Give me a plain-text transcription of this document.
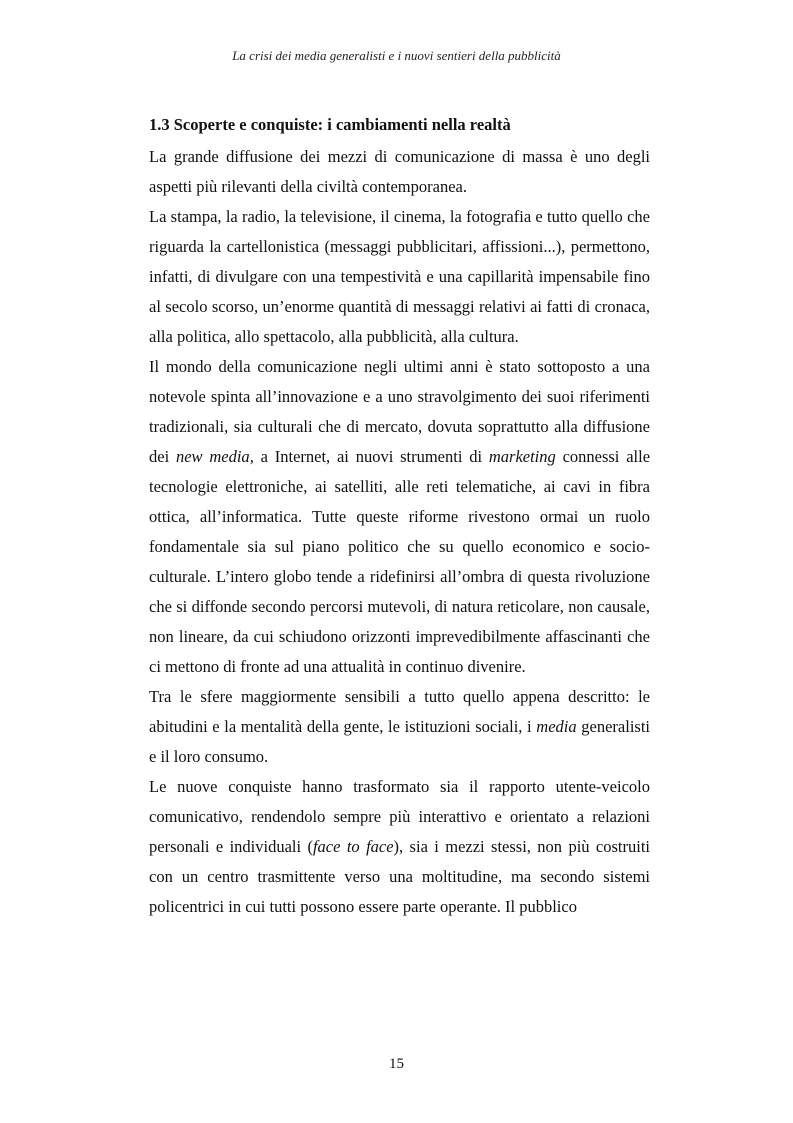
La crisi dei media generalisti e i nuovi sentieri della pubblicità
1.3 Scoperte e conquiste: i cambiamenti nella realtà

La grande diffusione dei mezzi di comunicazione di massa è uno degli aspetti più rilevanti della civiltà contemporanea.

La stampa, la radio, la televisione, il cinema, la fotografia e tutto quello che riguarda la cartellonistica (messaggi pubblicitari, affissioni...), permettono, infatti, di divulgare con una tempestività e una capillarità impensabile fino al secolo scorso, un’enorme quantità di messaggi relativi ai fatti di cronaca, alla politica, allo spettacolo, alla pubblicità, alla cultura.

Il mondo della comunicazione negli ultimi anni è stato sottoposto a una notevole spinta all’innovazione e a uno stravolgimento dei suoi riferimenti tradizionali, sia culturali che di mercato, dovuta soprattutto alla diffusione dei new media, a Internet, ai nuovi strumenti di marketing connessi alle tecnologie elettroniche, ai satelliti, alle reti telematiche, ai cavi in fibra ottica, all’informatica. Tutte queste riforme rivestono ormai un ruolo fondamentale sia sul piano politico che su quello economico e socio-culturale. L’intero globo tende a ridefinirsi all’ombra di questa rivoluzione che si diffonde secondo percorsi mutevoli, di natura reticolare, non causale, non lineare, da cui schiudono orizzonti imprevedibilmente affascinanti che ci mettono di fronte ad una attualità in continuo divenire.

Tra le sfere maggiormente sensibili a tutto quello appena descritto: le abitudini e la mentalità della gente, le istituzioni sociali, i media generalisti e il loro consumo.

Le nuove conquiste hanno trasformato sia il rapporto utente-veicolo comunicativo, rendendolo sempre più interattivo e orientato a relazioni personali e individuali (face to face), sia i mezzi stessi, non più costruiti con un centro trasmittente verso una moltitudine, ma secondo sistemi policentrici in cui tutti possono essere parte operante. Il pubblico

15
